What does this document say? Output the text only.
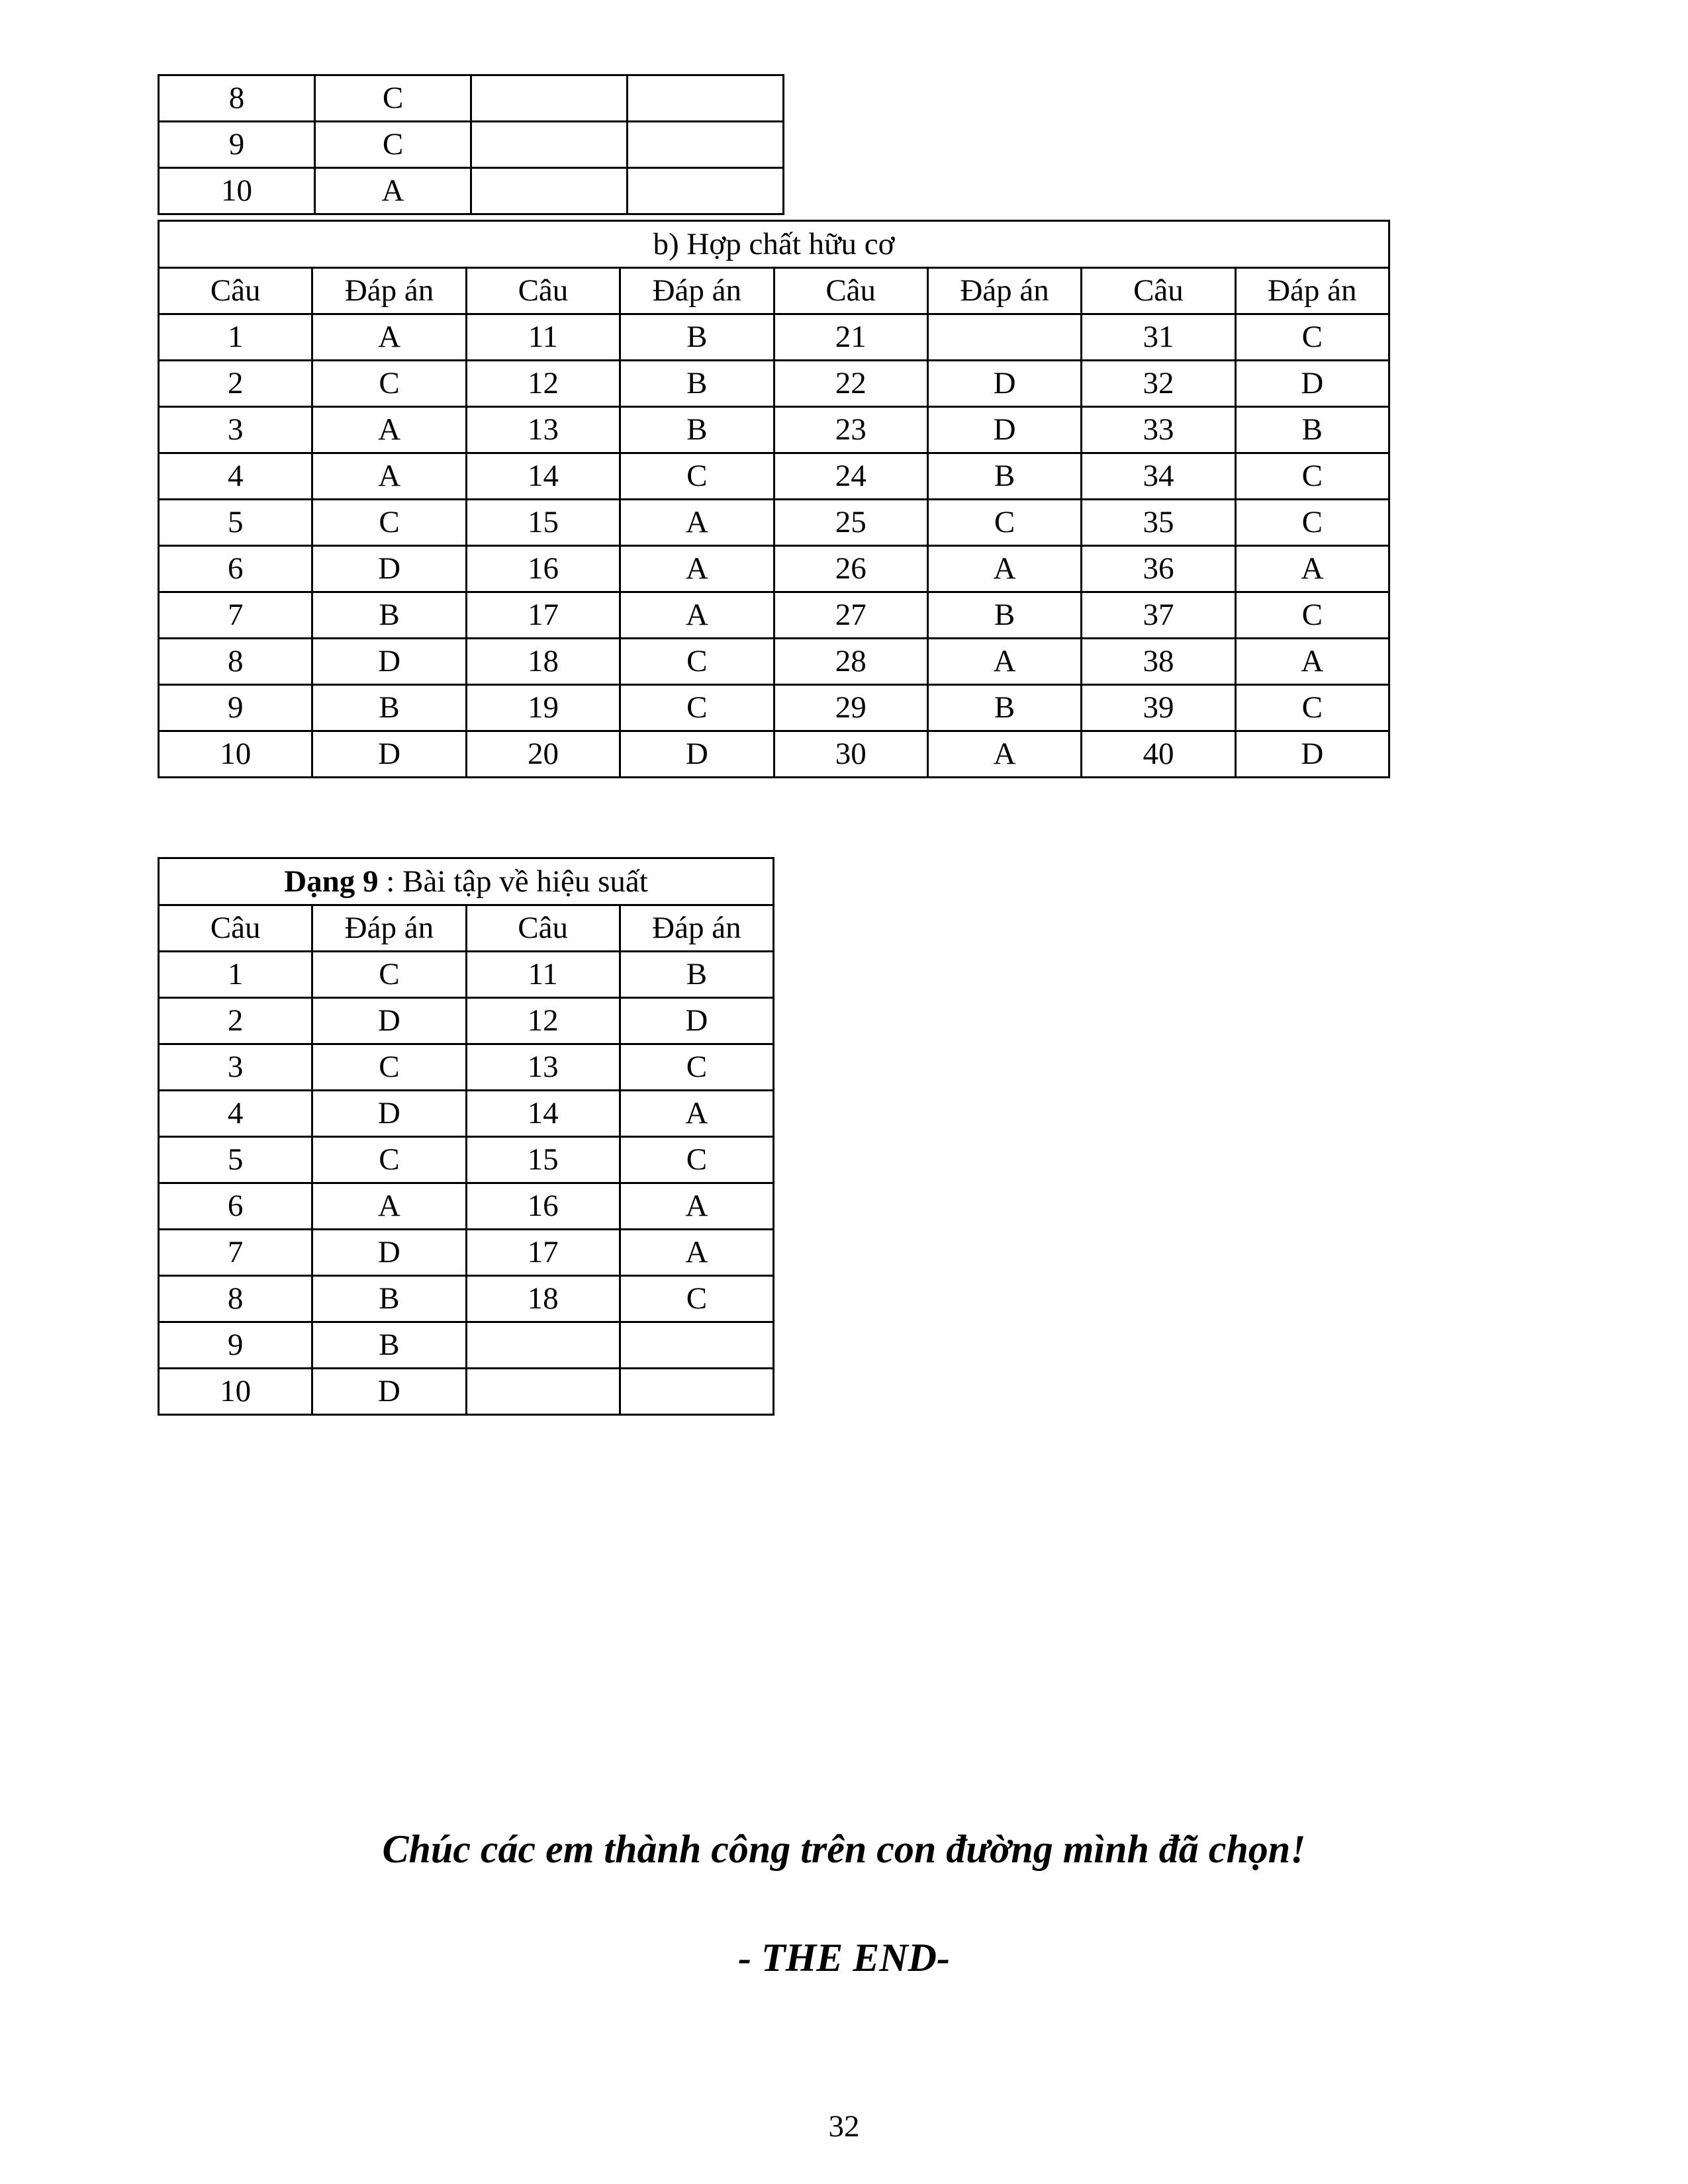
8	C		
9	C		
10	A		
b) Hợp chất hữu cơ							
Câu	Đáp án	Câu	Đáp án	Câu	Đáp án	Câu	Đáp án
1	A	11	B	21		31	C
2	C	12	B	22	D	32	D
3	A	13	B	23	D	33	B
4	A	14	C	24	B	34	C
5	C	15	A	25	C	35	C
6	D	16	A	26	A	36	A
7	B	17	A	27	B	37	C
8	D	18	C	28	A	38	A
9	B	19	C	29	B	39	C
10	D	20	D	30	A	40	D
Dạng 9 : Bài tập về hiệu suất			
Câu	Đáp án	Câu	Đáp án
1	C	11	B
2	D	12	D
3	C	13	C
4	D	14	A
5	C	15	C
6	A	16	A
7	D	17	A
8	B	18	C
9	B		
10	D		
Chúc các em thành công trên con đường mình đã chọn!
- THE END-
32
